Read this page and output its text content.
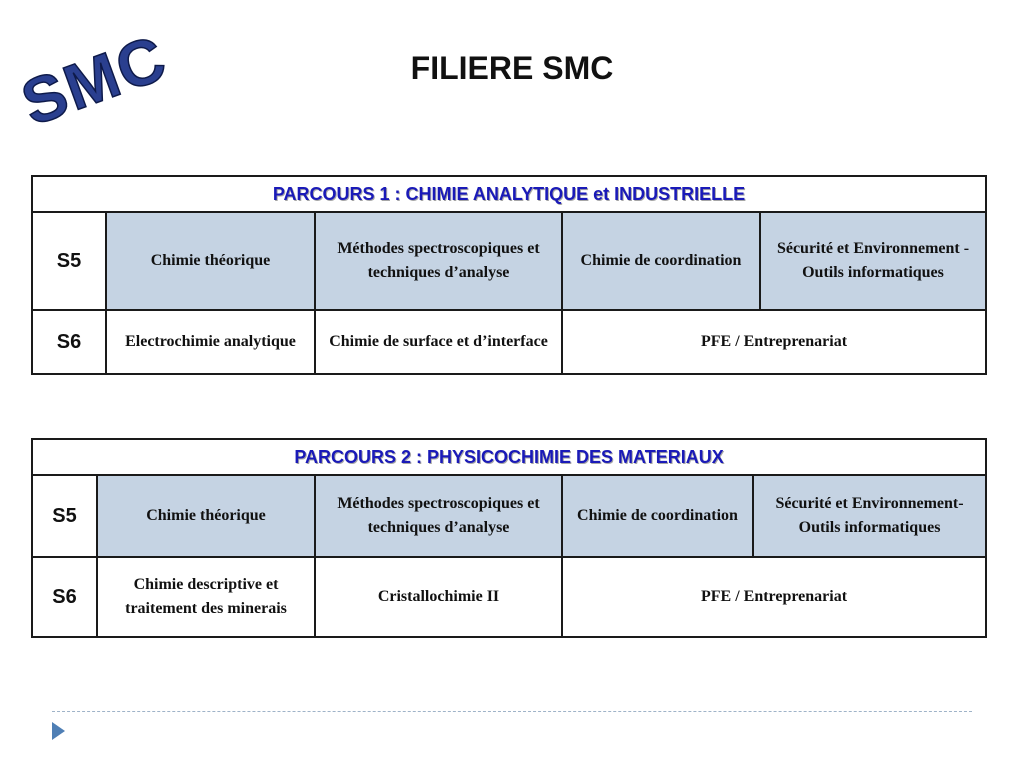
SMC	FILIERE SMC
PARCOURS 1 : CHIMIE ANALYTIQUE et INDUSTRIELLE				
S5	Chimie théorique	Méthodes spectroscopiques et techniques d’analyse	Chimie de coordination	Sécurité et Environnement -Outils informatiques
S6	Electrochimie analytique	Chimie de surface et d’interface	PFE / Entreprenariat	
PARCOURS 2 : PHYSICOCHIMIE DES MATERIAUX				
S5	Chimie théorique	Méthodes spectroscopiques et techniques d’analyse	Chimie de coordination	Sécurité et Environnement-Outils informatiques
S6	Chimie descriptive et traitement des minerais	Cristallochimie II	PFE / Entreprenariat	
